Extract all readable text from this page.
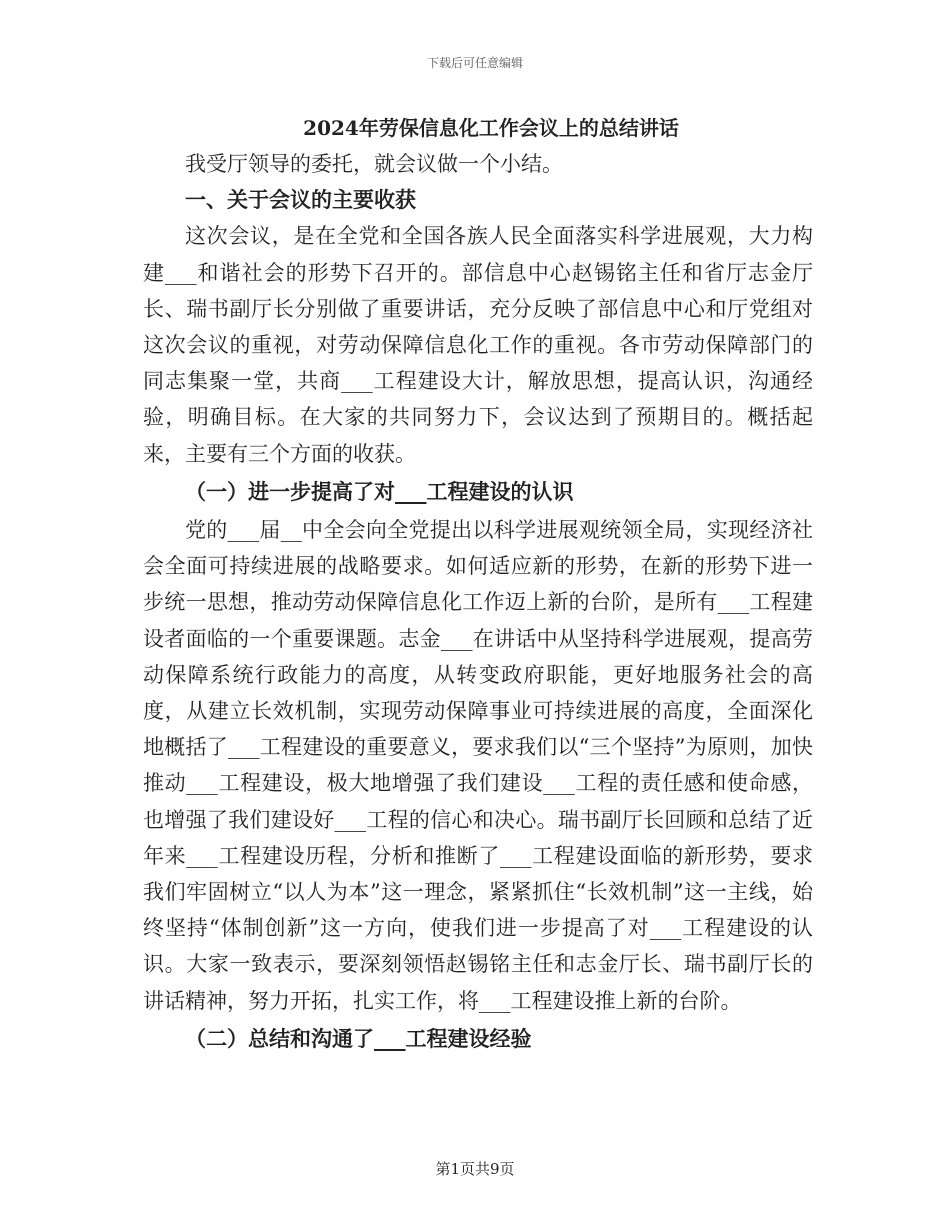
下载后可任意编辑

2024年劳保信息化工作会议上的总结讲话

我受厅领导的委托，就会议做一个小结。

一、关于会议的主要收获

这次会议，是在全党和全国各族人民全面落实科学进展观，大力构建___和谐社会的形势下召开的。部信息中心赵锡铭主任和省厅志金厅长、瑞书副厅长分别做了重要讲话，充分反映了部信息中心和厅党组对这次会议的重视，对劳动保障信息化工作的重视。各市劳动保障部门的同志集聚一堂，共商___工程建设大计，解放思想，提高认识，沟通经验，明确目标。在大家的共同努力下，会议达到了预期目的。概括起来，主要有三个方面的收获。

（一）进一步提高了对___工程建设的认识

党的___届__中全会向全党提出以科学进展观统领全局，实现经济社会全面可持续进展的战略要求。如何适应新的形势，在新的形势下进一步统一思想，推动劳动保障信息化工作迈上新的台阶，是所有___工程建设者面临的一个重要课题。志金___在讲话中从坚持科学进展观，提高劳动保障系统行政能力的高度，从转变政府职能，更好地服务社会的高度，从建立长效机制，实现劳动保障事业可持续进展的高度，全面深化地概括了___工程建设的重要意义，要求我们以“三个坚持”为原则，加快推动___工程建设，极大地增强了我们建设___工程的责任感和使命感，也增强了我们建设好___工程的信心和决心。瑞书副厅长回顾和总结了近年来___工程建设历程，分析和推断了___工程建设面临的新形势，要求我们牢固树立“以人为本”这一理念，紧紧抓住“长效机制”这一主线，始终坚持“体制创新”这一方向，使我们进一步提高了对___工程建设的认识。大家一致表示，要深刻领悟赵锡铭主任和志金厅长、瑞书副厅长的讲话精神，努力开拓，扎实工作，将___工程建设推上新的台阶。

（二）总结和沟通了___工程建设经验

第1页共9页
